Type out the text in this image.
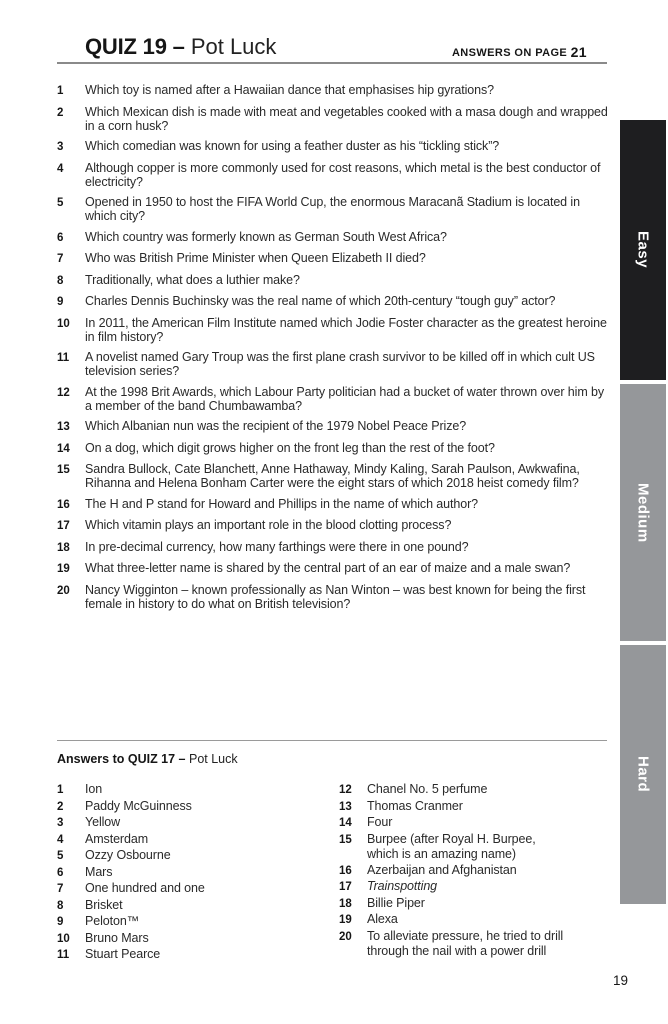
QUIZ 19 – Pot Luck	ANSWERS ON PAGE 21
1	Which toy is named after a Hawaiian dance that emphasises hip gyrations?
2	Which Mexican dish is made with meat and vegetables cooked with a masa dough and wrapped in a corn husk?
3	Which comedian was known for using a feather duster as his “tickling stick”?
4	Although copper is more commonly used for cost reasons, which metal is the best conductor of electricity?
5	Opened in 1950 to host the FIFA World Cup, the enormous Maracanã Stadium is located in which city?
6	Which country was formerly known as German South West Africa?
7	Who was British Prime Minister when Queen Elizabeth II died?
8	Traditionally, what does a luthier make?
9	Charles Dennis Buchinsky was the real name of which 20th-century “tough guy” actor?
10	In 2011, the American Film Institute named which Jodie Foster character as the greatest heroine in film history?
11	A novelist named Gary Troup was the first plane crash survivor to be killed off in which cult US television series?
12	At the 1998 Brit Awards, which Labour Party politician had a bucket of water thrown over him by a member of the band Chumbawamba?
13	Which Albanian nun was the recipient of the 1979 Nobel Peace Prize?
14	On a dog, which digit grows higher on the front leg than the rest of the foot?
15	Sandra Bullock, Cate Blanchett, Anne Hathaway, Mindy Kaling, Sarah Paulson, Awkwafina, Rihanna and Helena Bonham Carter were the eight stars of which 2018 heist comedy film?
16	The H and P stand for Howard and Phillips in the name of which author?
17	Which vitamin plays an important role in the blood clotting process?
18	In pre-decimal currency, how many farthings were there in one pound?
19	What three-letter name is shared by the central part of an ear of maize and a male swan?
20	Nancy Wigginton – known professionally as Nan Winton – was best known for being the first female in history to do what on British television?
Easy
Medium
Hard
Answers to QUIZ 17 – Pot Luck
1	Ion
2	Paddy McGuinness
3	Yellow
4	Amsterdam
5	Ozzy Osbourne
6	Mars
7	One hundred and one
8	Brisket
9	Peloton™
10	Bruno Mars
11	Stuart Pearce
12	Chanel No. 5 perfume
13	Thomas Cranmer
14	Four
15	Burpee (after Royal H. Burpee,
which is an amazing name)
16	Azerbaijan and Afghanistan
17	Trainspotting
18	Billie Piper
19	Alexa
20	To alleviate pressure, he tried to drill
through the nail with a power drill
19
